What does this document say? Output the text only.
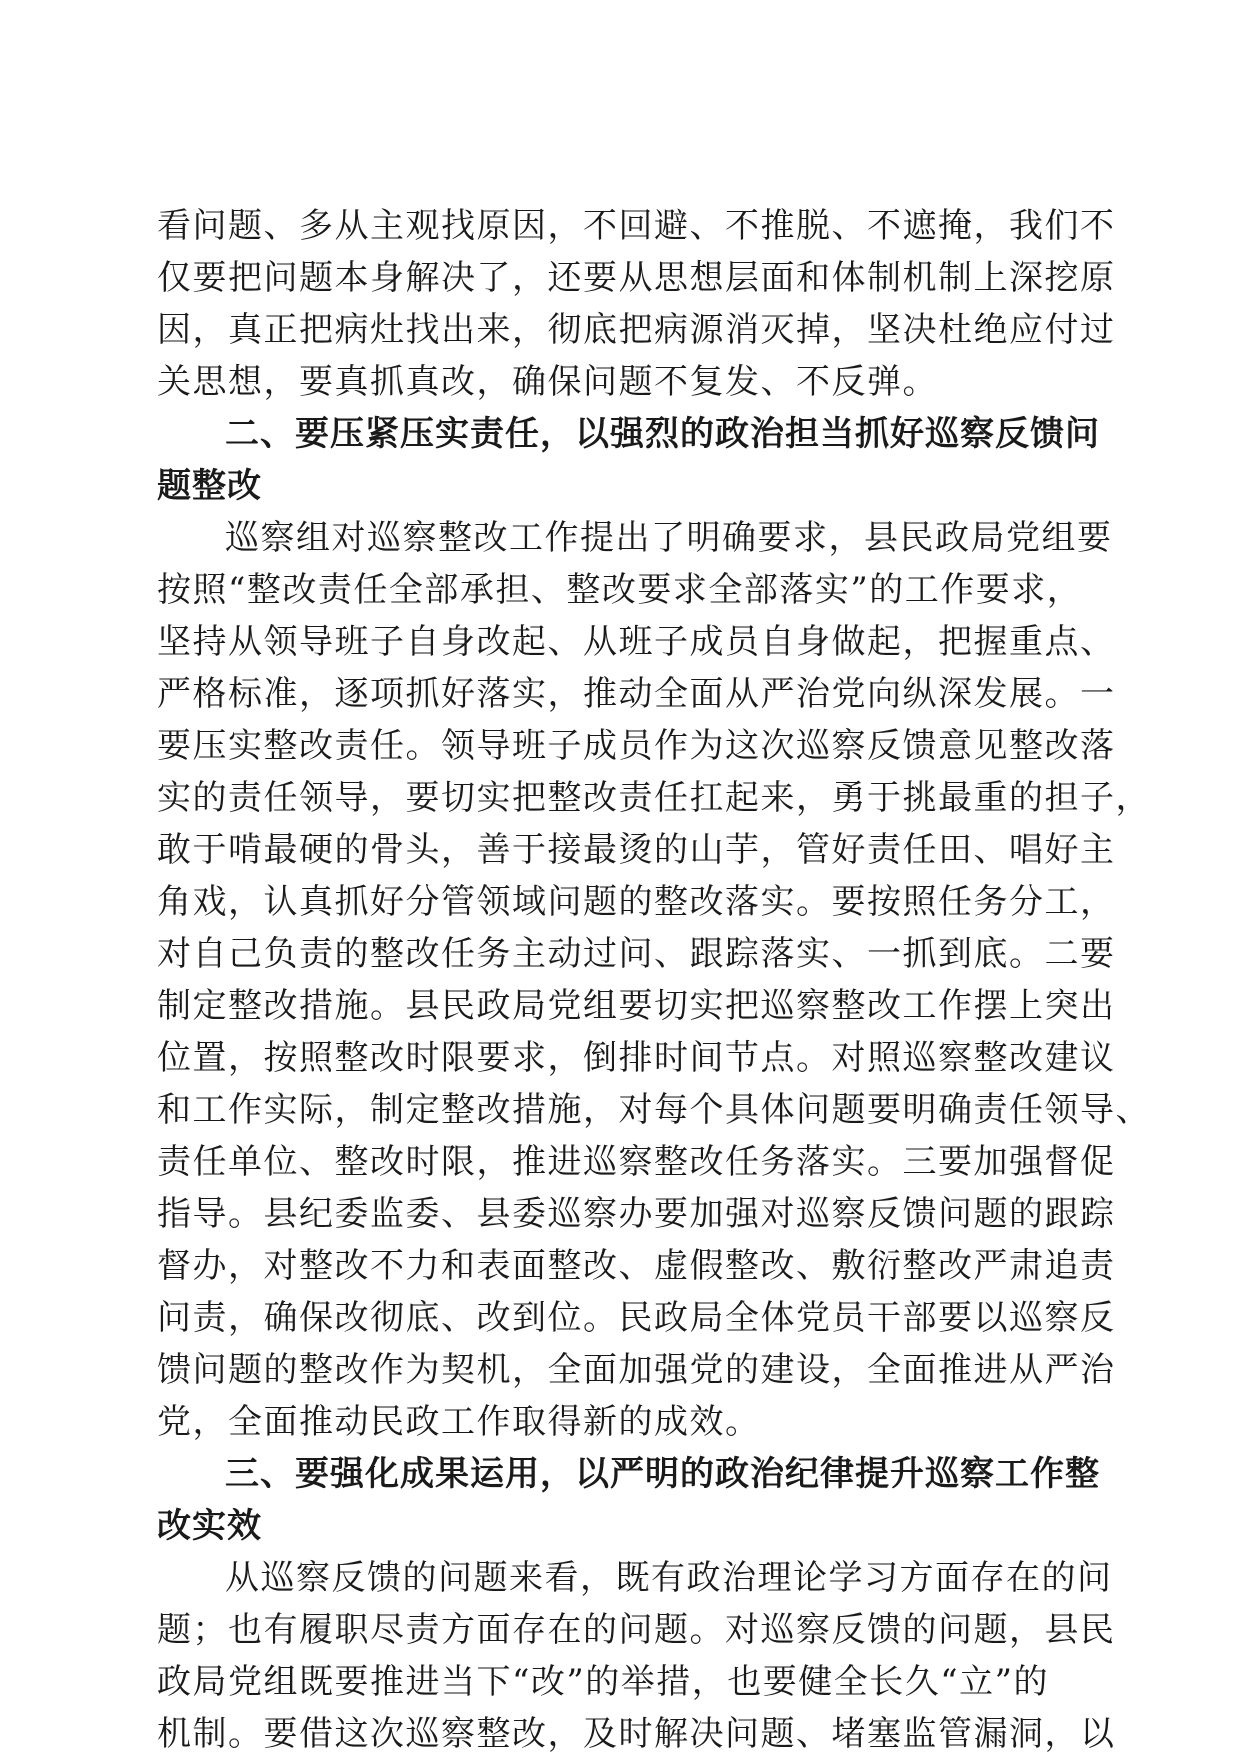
看问题、多从主观找原因，不回避、不推脱、不遮掩，我们不
仅要把问题本身解决了，还要从思想层面和体制机制上深挖原
因，真正把病灶找出来，彻底把病源消灭掉，坚决杜绝应付过
关思想，要真抓真改，确保问题不复发、不反弹。
二、要压紧压实责任，以强烈的政治担当抓好巡察反馈问
题整改
巡察组对巡察整改工作提出了明确要求，县民政局党组要
按照“整改责任全部承担、整改要求全部落实”的工作要求，
坚持从领导班子自身改起、从班子成员自身做起，把握重点、
严格标准，逐项抓好落实，推动全面从严治党向纵深发展。一
要压实整改责任。领导班子成员作为这次巡察反馈意见整改落
实的责任领导，要切实把整改责任扛起来，勇于挑最重的担子，
敢于啃最硬的骨头，善于接最烫的山芋，管好责任田、唱好主
角戏，认真抓好分管领域问题的整改落实。要按照任务分工，
对自己负责的整改任务主动过问、跟踪落实、一抓到底。二要
制定整改措施。县民政局党组要切实把巡察整改工作摆上突出
位置，按照整改时限要求，倒排时间节点。对照巡察整改建议
和工作实际，制定整改措施，对每个具体问题要明确责任领导、
责任单位、整改时限，推进巡察整改任务落实。三要加强督促
指导。县纪委监委、县委巡察办要加强对巡察反馈问题的跟踪
督办，对整改不力和表面整改、虚假整改、敷衍整改严肃追责
问责，确保改彻底、改到位。民政局全体党员干部要以巡察反
馈问题的整改作为契机，全面加强党的建设，全面推进从严治
党，全面推动民政工作取得新的成效。
三、要强化成果运用，以严明的政治纪律提升巡察工作整
改实效
从巡察反馈的问题来看，既有政治理论学习方面存在的问
题；也有履职尽责方面存在的问题。对巡察反馈的问题，县民
政局党组既要推进当下“改”的举措，也要健全长久“立”的
机制。要借这次巡察整改，及时解决问题、堵塞监管漏洞，以
